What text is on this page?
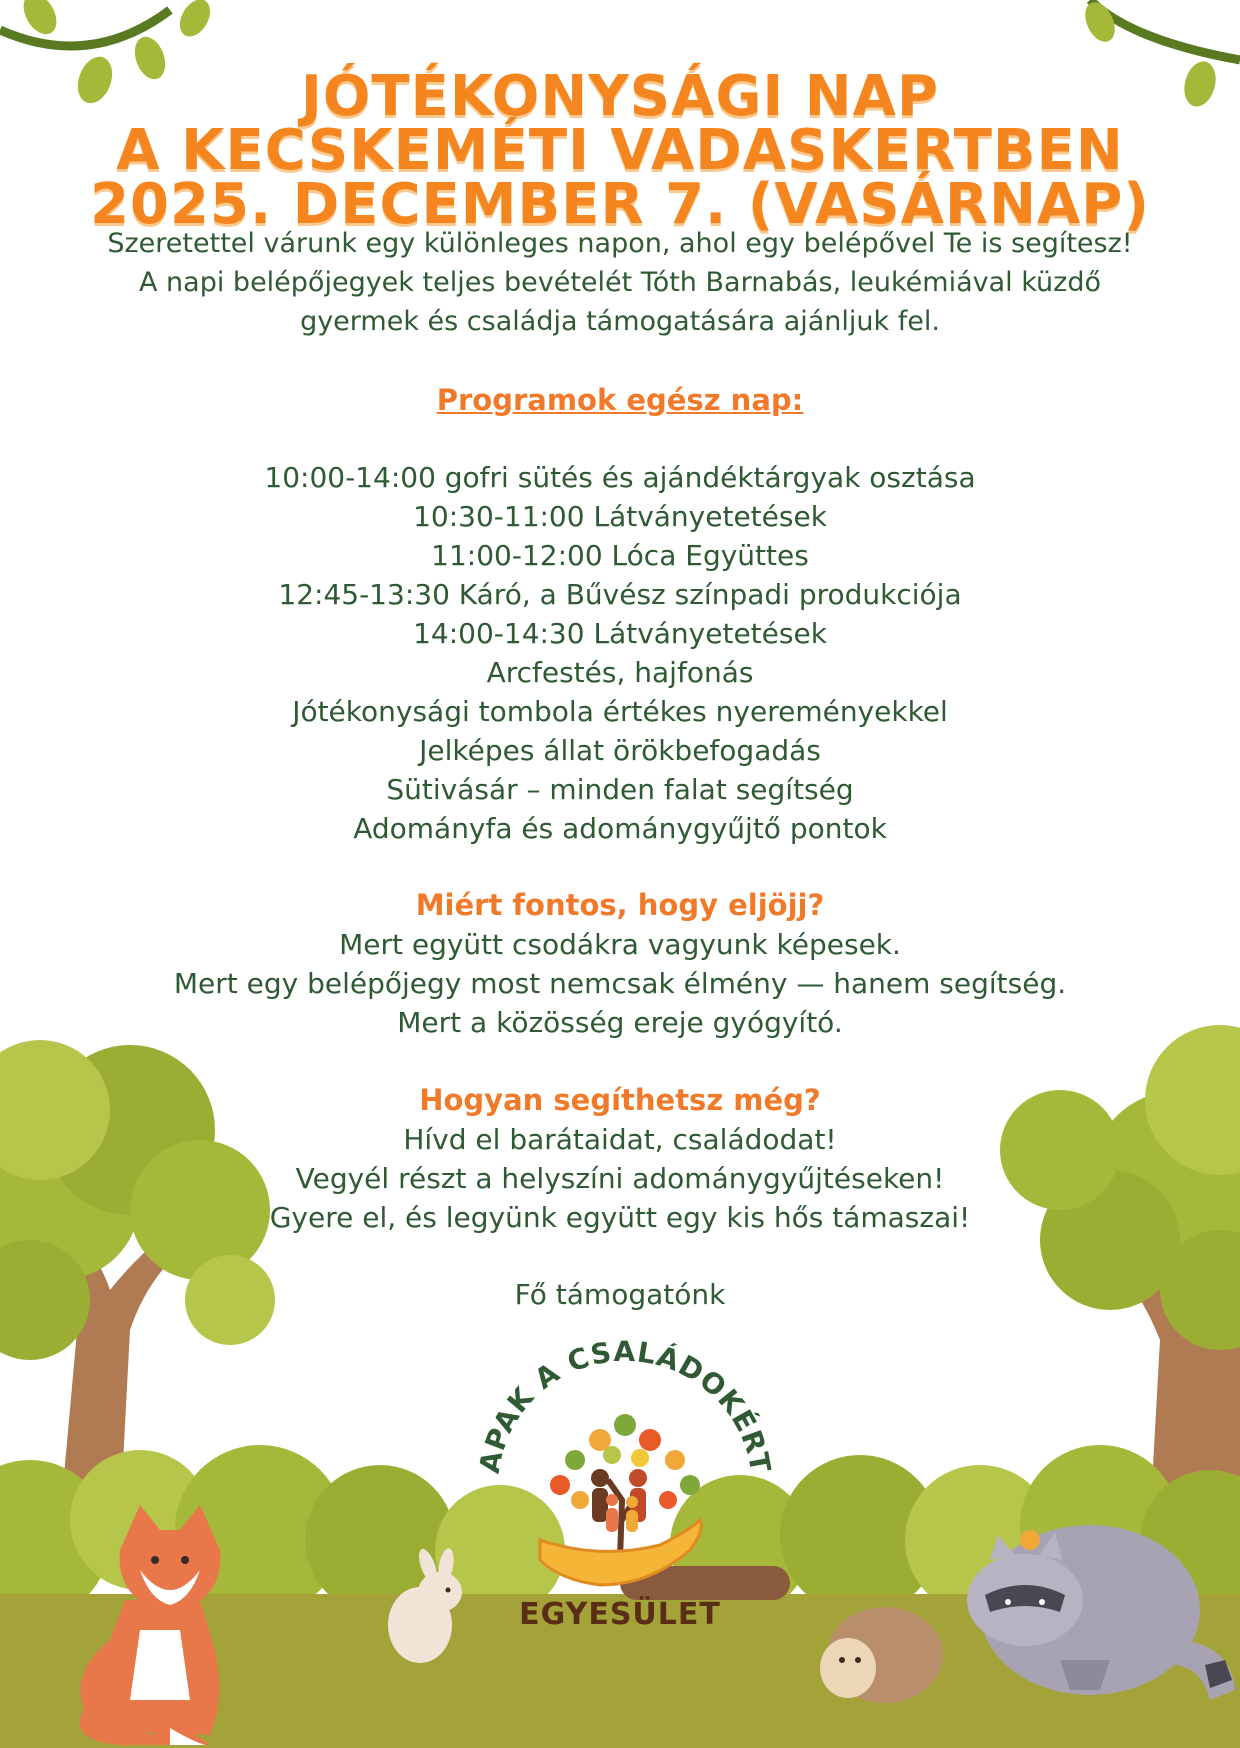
JÓTÉKONYSÁGI NAP
A KECSKEMÉTI VADASKERTBEN
2025. DECEMBER 7. (VASÁRNAP)
Szeretettel várunk egy különleges napon, ahol egy belépővel Te is segítesz!
A napi belépőjegyek teljes bevételét Tóth Barnabás, leukémiával küzdő
gyermek és családja támogatására ajánljuk fel.
Programok egész nap:
10:00-14:00 gofri sütés és ajándéktárgyak osztása
10:30-11:00 Látványetetések
11:00-12:00 Lóca Együttes
12:45-13:30 Káró, a Bűvész színpadi produkciója
14:00-14:30 Látványetetések
Arcfestés, hajfonás
Jótékonysági tombola értékes nyereményekkel
Jelképes állat örökbefogadás
Sütivásár – minden falat segítség
Adományfa és adománygyűjtő pontok
Miért fontos, hogy eljöjj?
Mert együtt csodákra vagyunk képesek.
Mert egy belépőjegy most nemcsak élmény — hanem segítség.
Mert a közösség ereje gyógyító.
Hogyan segíthetsz még?
Hívd el barátaidat, családodat!
Vegyél részt a helyszíni adománygyűjtéseken!
Gyere el, és legyünk együtt egy kis hős támaszai!
Fő támogatónk
APAK A CSALÁDOKÉRT
EGYESÜLET
